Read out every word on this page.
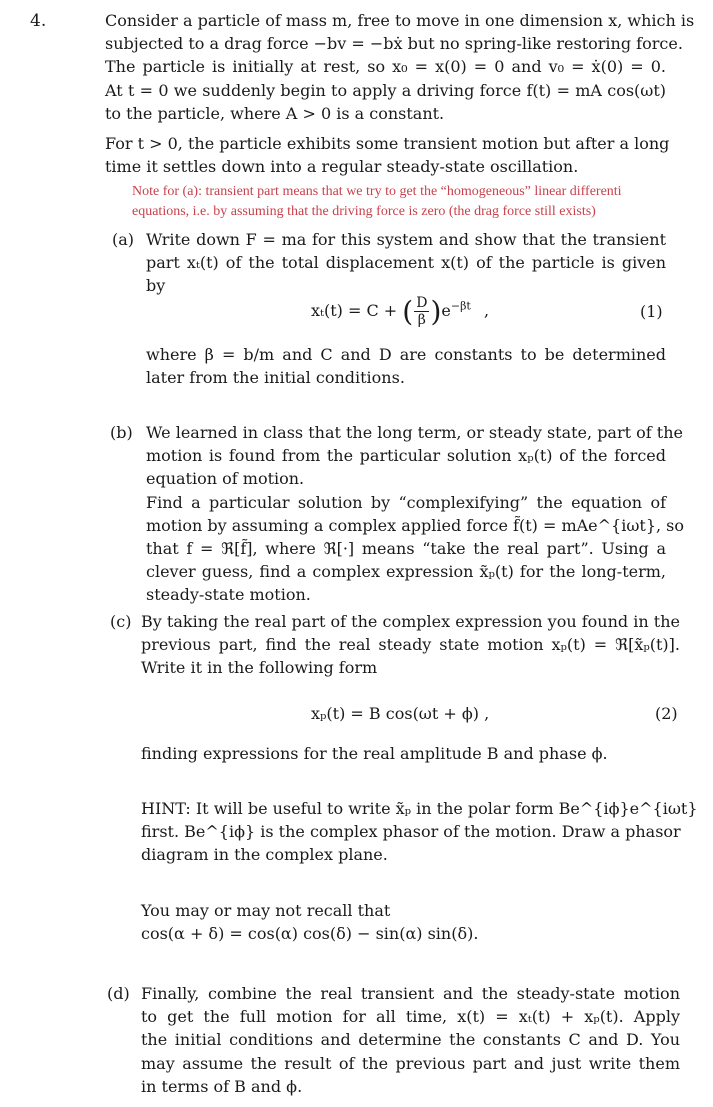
4.	Consider a particle of mass m, free to move in one dimension x, which is
subjected to a drag force −bv = −bẋ but no spring-like restoring force.
The particle is initially at rest, so x₀ = x(0) = 0 and v₀ = ẋ(0) = 0.
At t = 0 we suddenly begin to apply a driving force f(t) = mA cos(ωt)
to the particle, where A > 0 is a constant.
For t > 0, the particle exhibits some transient motion but after a long
time it settles down into a regular steady-state oscillation.
Note for (a): transient part means that we try to get the “homogeneous” linear differenti
equations, i.e. by assuming that the driving force is zero (the drag force still exists)
(a) Write down F = ma for this system and show that the transient
part xₜ(t) of the total displacement x(t) of the particle is given
by
xₜ(t) = C + ( $\frac{D}{\beta} )e^{-\beta t}$ ,	(1)
where β = b/m and C and D are constants to be determined
later from the initial conditions.
(b) We learned in class that the long term, or steady state, part of the
motion is found from the particular solution xₚ(t) of the forced
equation of motion.
Find a particular solution by “complexifying” the equation of
motion by assuming a complex applied force f̃(t) = mAe^{iωt}, so
that f = ℜ[f̃], where ℜ[·] means “take the real part”. Using a
clever guess, find a complex expression x̃ₚ(t) for the long-term,
steady-state motion.
(c) By taking the real part of the complex expression you found in the
previous part, find the real steady state motion xₚ(t) = ℜ[x̃ₚ(t)].
Write it in the following form
xₚ(t) = B cos(ωt + ϕ) ,	(2)
finding expressions for the real amplitude B and phase ϕ.
HINT: It will be useful to write x̃ₚ in the polar form Be^{iϕ}e^{iωt}
first. Be^{iϕ} is the complex phasor of the motion. Draw a phasor
diagram in the complex plane.
You may or may not recall that
cos(α + δ) = cos(α) cos(δ) − sin(α) sin(δ).
(d) Finally, combine the real transient and the steady-state motion
to get the full motion for all time, x(t) = xₜ(t) + xₚ(t). Apply
the initial conditions and determine the constants C and D. You
may assume the result of the previous part and just write them
in terms of B and ϕ.
